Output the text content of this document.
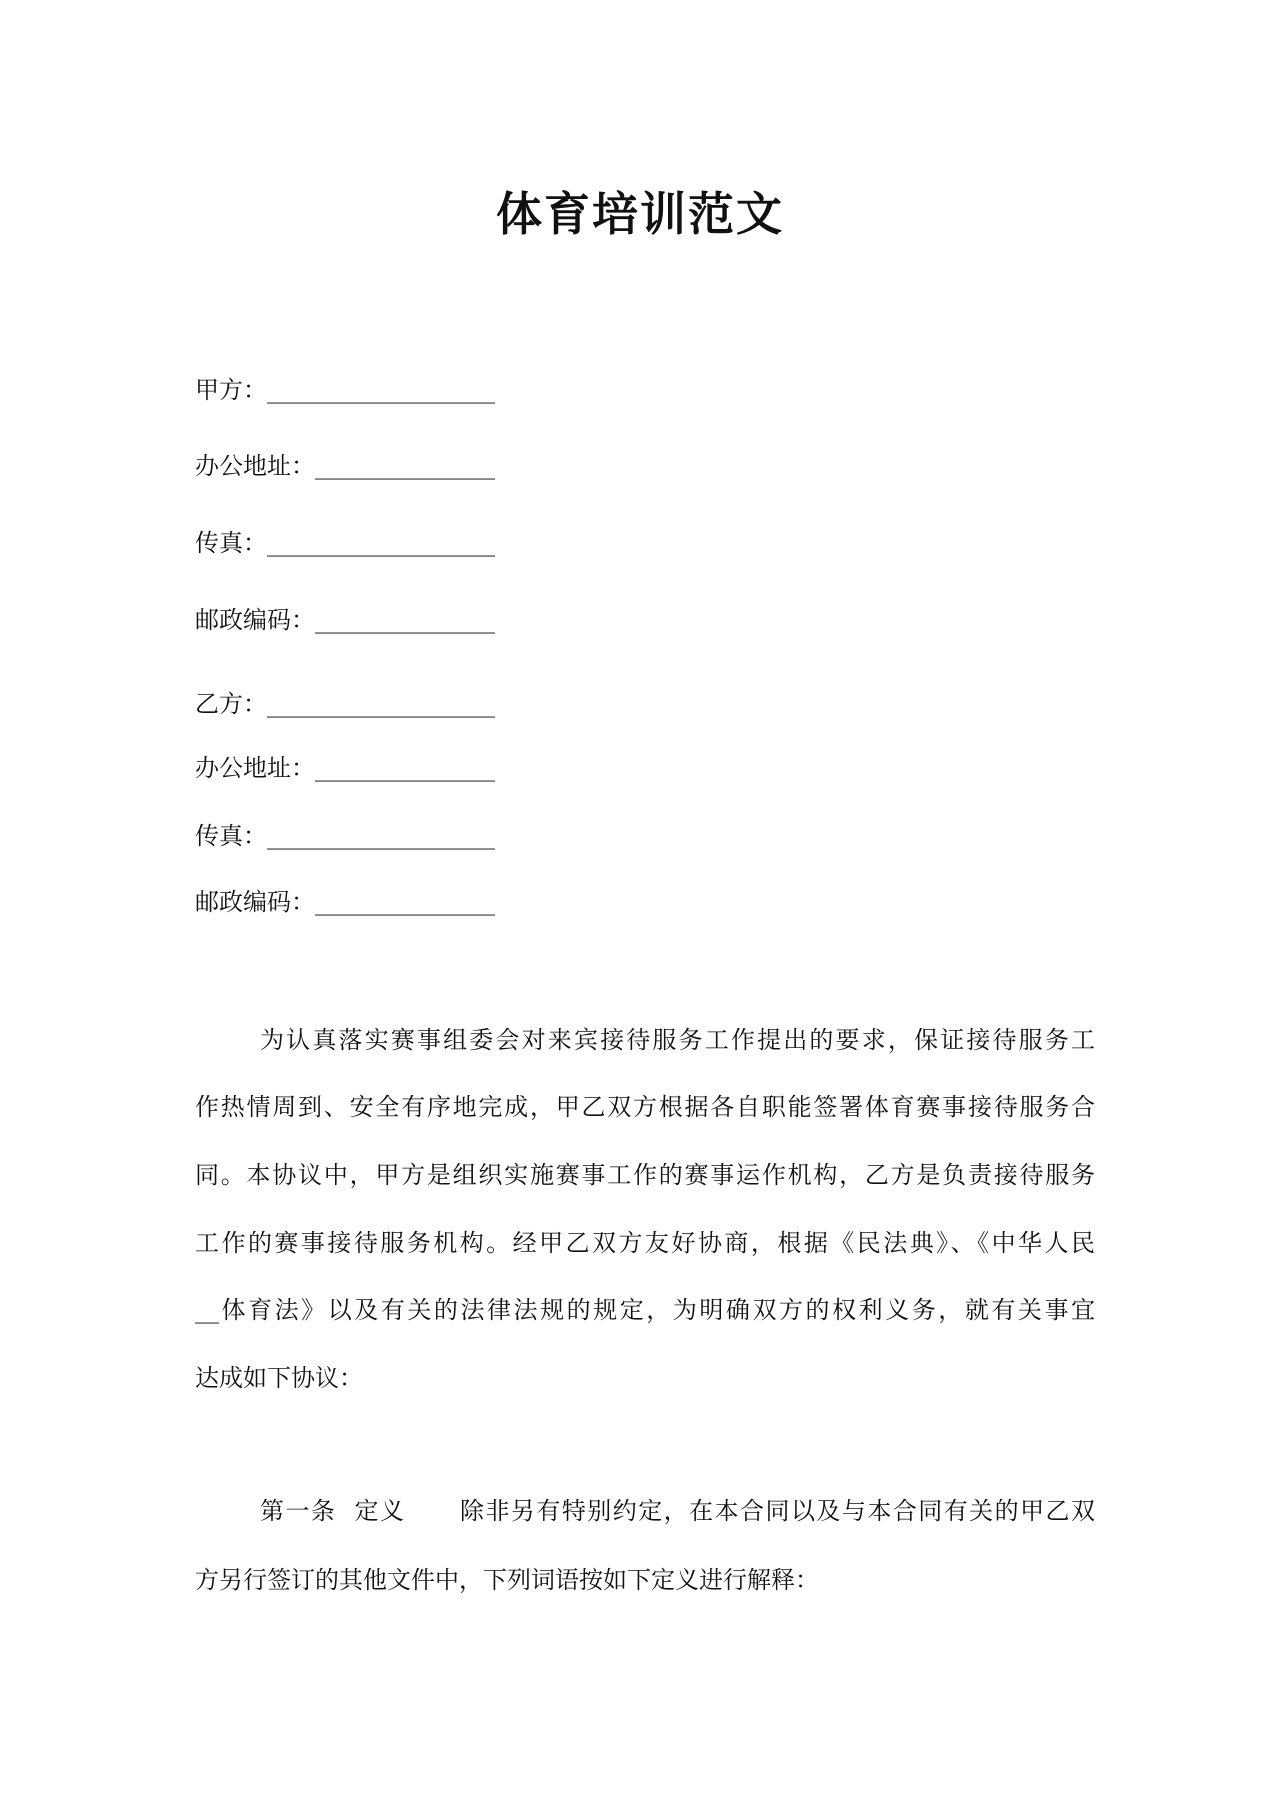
体育培训范文
甲方：___________________
办公地址：_______________
传真：___________________
邮政编码：_______________
乙方：___________________
办公地址：_______________
传真：___________________
邮政编码：_______________
为认真落实赛事组委会对来宾接待服务工作提出的要求，保证接待服务工
作热情周到、安全有序地完成，甲乙双方根据各自职能签署体育赛事接待服务合
同。本协议中，甲方是组织实施赛事工作的赛事运作机构，乙方是负责接待服务
工作的赛事接待服务机构。经甲乙双方友好协商，根据《民法典》、《中华人民
__体育法》以及有关的法律法规的规定，为明确双方的权利义务，就有关事宜
达成如下协议：
第一条  定义      除非另有特别约定，在本合同以及与本合同有关的甲乙双
方另行签订的其他文件中，下列词语按如下定义进行解释：
